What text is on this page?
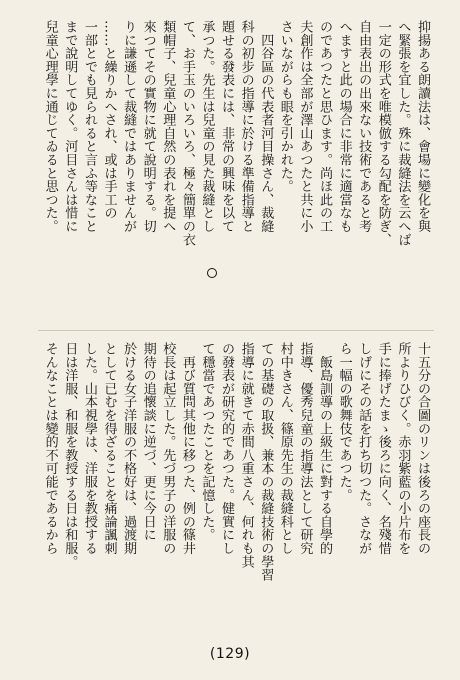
抑揚ある朗讀法は、會場に變化を與

へ緊張を宜した。殊に裁縫法を云へば

一定の形式を唯模倣する勾配を防ぎ、

自由表出の出來ない技術であると考

へますと此の場合に非常に適當なも

のであつたと思ひます。尚ほ此の工

夫創作は全部が澤山あつたと共に小

さいながらも眼を引かれた。

　四谷區の代表者河目操さん、裁縫

科の初步の指導に於ける準備指導と

題せる發表には、非常の興味を以て

承つた。先生は兒童の見た裁縫とし

て、お手玉のいろいろ、極々簡單の衣

類帽子、兒童心理自然の表れを提へ

來つてその實物に就て說明する。切

りに謙遜して裁縫ではありませんが

……と繰りかへされ、或は手工の

一部とでも見られると言ふ等なこと

まで說明してゆく。河目さんは惜に

兒童心理學に通じてゐると思つた。

十五分の合圖のリンは後ろの座長の

所よりひびく。赤羽紫藍の小片布を

手に捧げたまゝ後ろに向く、名殘惜

しげにその話を打ち切つた。さなが

ら一幅の歌舞伎であつた。

　飯島訓導の上級生に對する自學的

指導、優秀兒童の指導法として研究

村中きさん、篠原先生の裁縫科とし

ての基礎の取扱、兼本の裁縫技術の學習

指導に就きて赤間八重さん、何れも其

の發表が研究的であつた。健實にし

て穩當であつたことを記憶した。

　再び質問其他に移つた、例の篠井

校長は起立した。先づ男子の洋服の

期待の追懷談に逆づ、更に今日に

於ける女子洋服の不格好は、過渡期

として已むを得ざることを痛論諷刺

した。山本視學は、洋服を教授する

日は洋服、和服を教授する日は和服。

そんなことは變的不可能であるから

(129)
